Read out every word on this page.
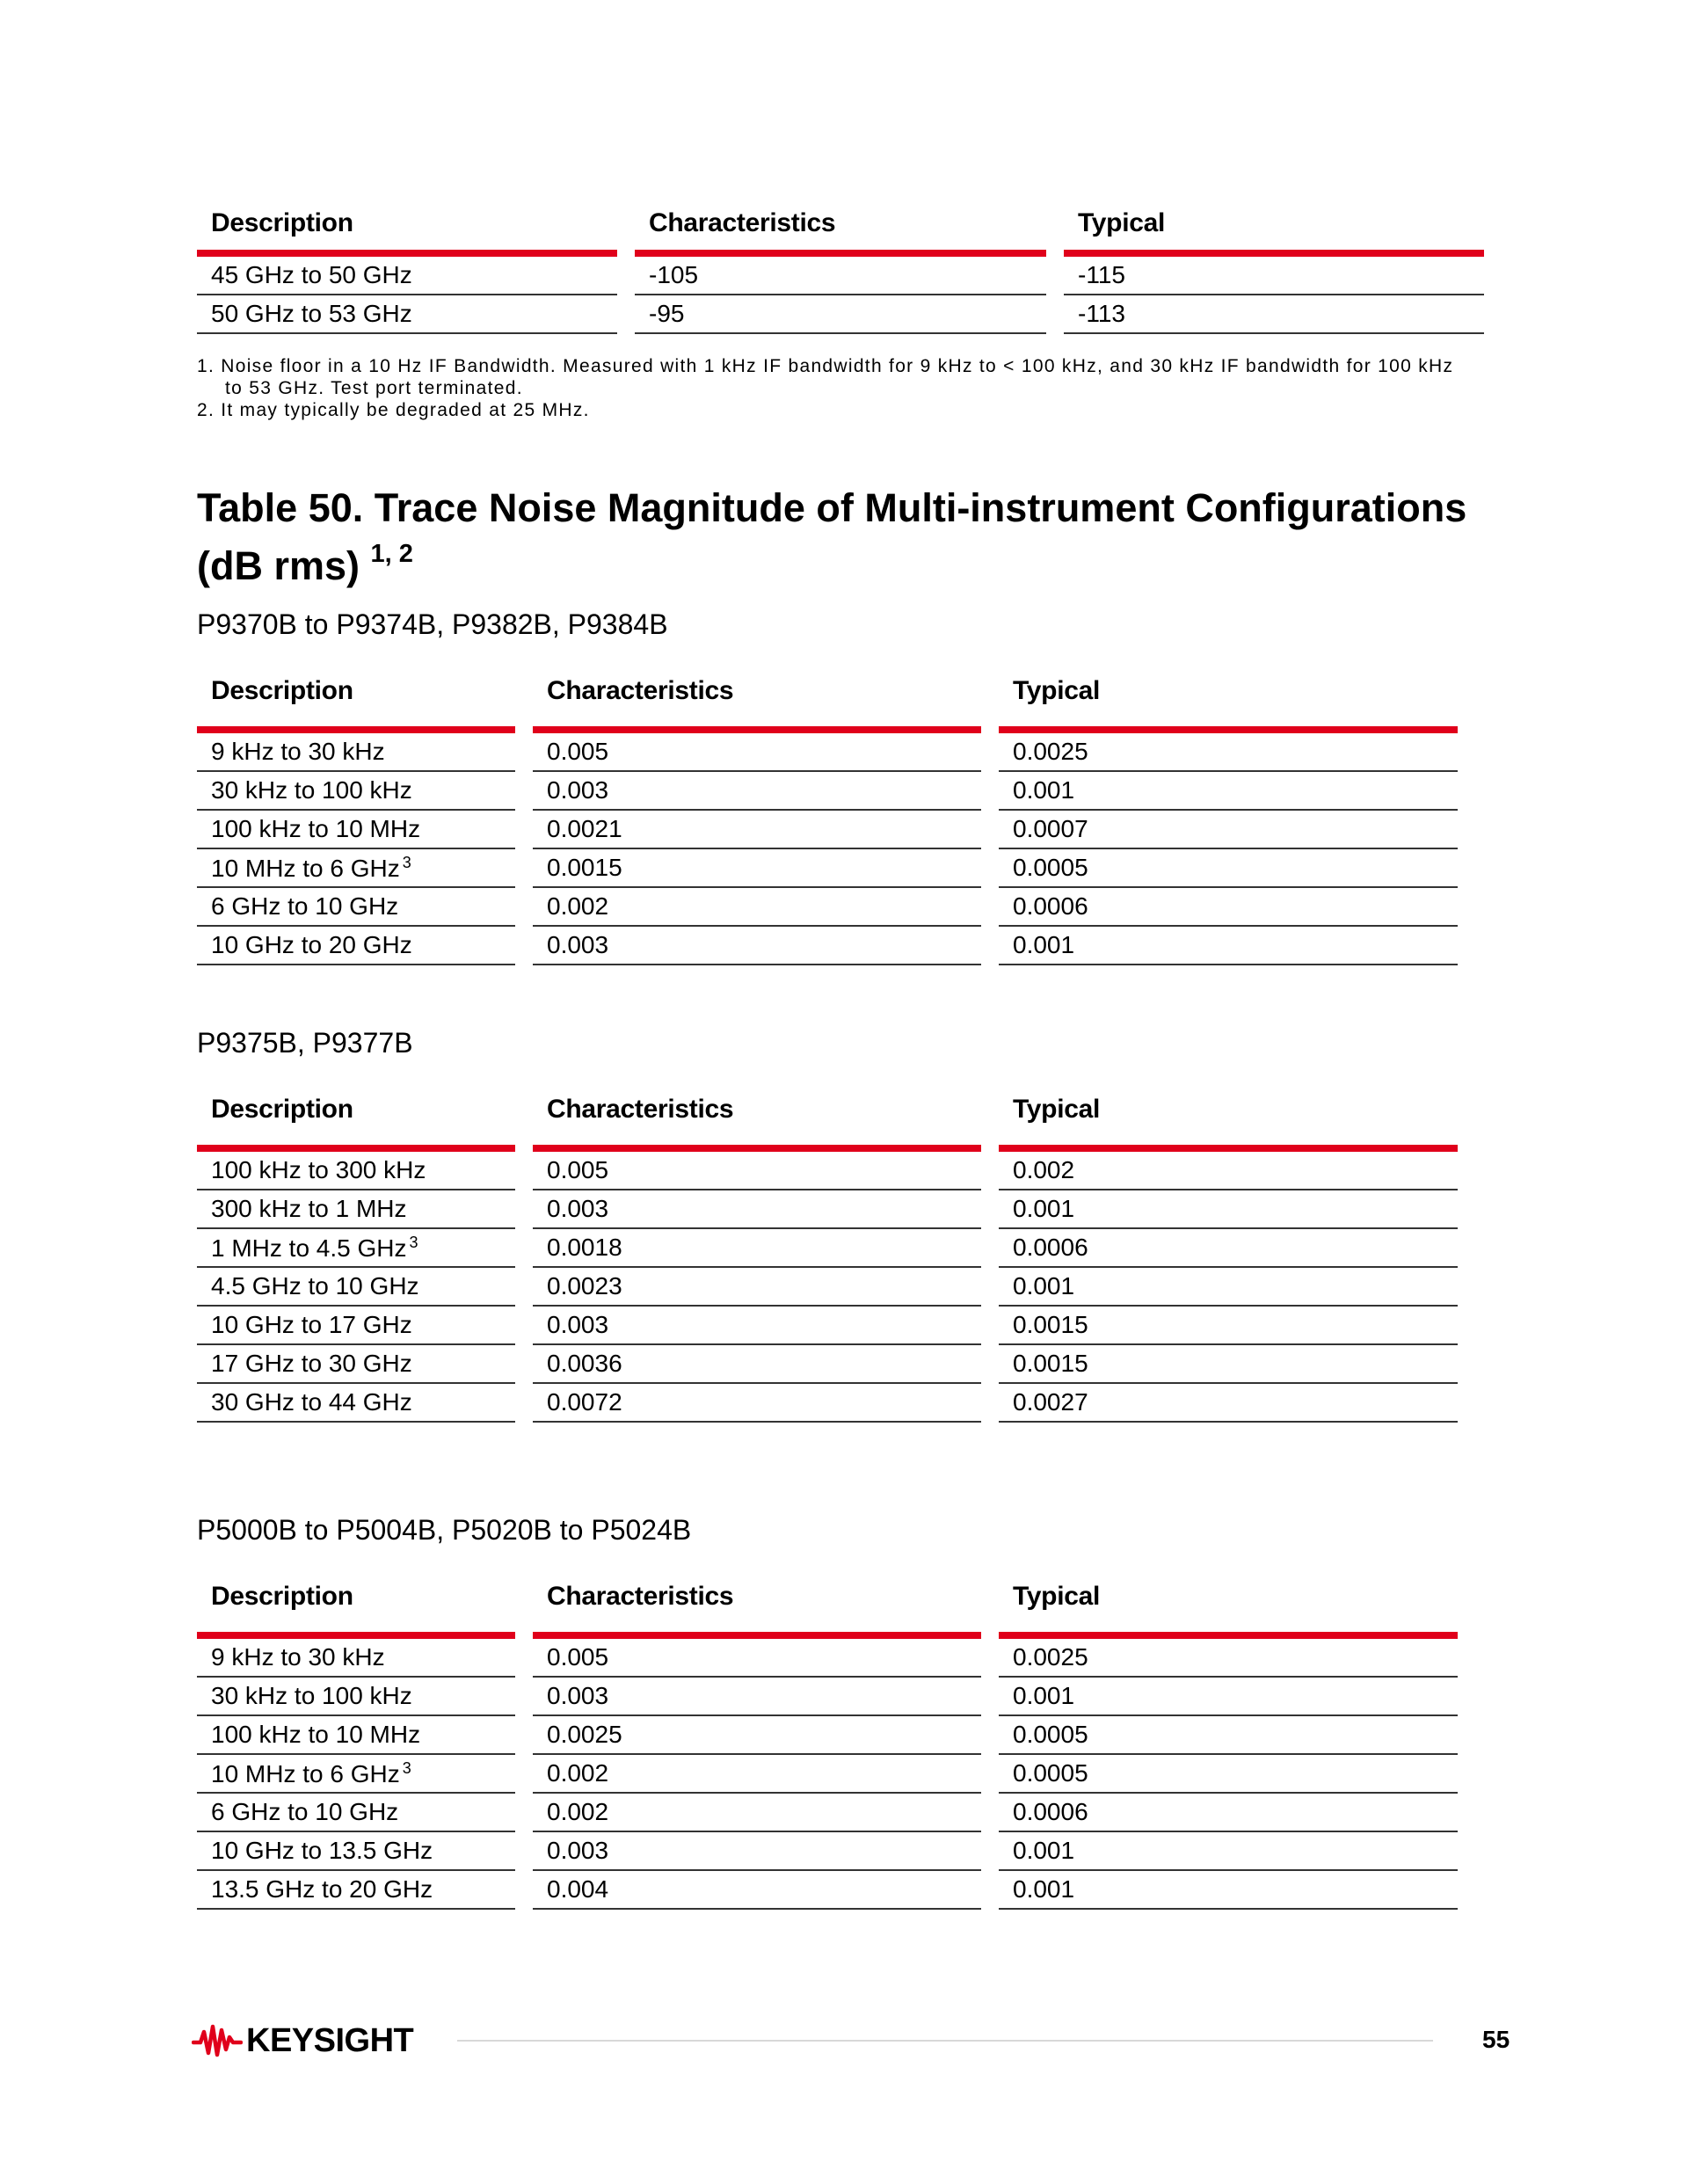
Description		Characteristics		Typical

45 GHz to 50 GHz		-105		-115
50 GHz to 53 GHz		-95		-113
1. Noise floor in a 10 Hz IF Bandwidth. Measured with 1 kHz IF bandwidth for 9 kHz to < 100 kHz, and 30 kHz IF bandwidth for 100 kHz to 53 GHz. Test port terminated.
2. It may typically be degraded at 25 MHz.
Table 50. Trace Noise Magnitude of Multi-instrument Configurations
(dB rms) $^{1, 2}$
P9370B to P9374B, P9382B, P9384B
Description		Characteristics		Typical

9 kHz to 30 kHz		0.005		0.0025
30 kHz to 100 kHz		0.003		0.001
100 kHz to 10 MHz		0.0021		0.0007
10 MHz to 6 GHz $^3$		0.0015		0.0005
6 GHz to 10 GHz		0.002		0.0006
10 GHz to 20 GHz		0.003		0.001
P9375B, P9377B
Description		Characteristics		Typical

100 kHz to 300 kHz		0.005		0.002
300 kHz to 1 MHz		0.003		0.001
1 MHz to 4.5 GHz $^3$		0.0018		0.0006
4.5 GHz to 10 GHz		0.0023		0.001
10 GHz to 17 GHz		0.003		0.0015
17 GHz to 30 GHz		0.0036		0.0015
30 GHz to 44 GHz		0.0072		0.0027
P5000B to P5004B, P5020B to P5024B
Description		Characteristics		Typical

9 kHz to 30 kHz		0.005		0.0025
30 kHz to 100 kHz		0.003		0.001
100 kHz to 10 MHz		0.0025		0.0005
10 MHz to 6 GHz $^3$		0.002		0.0005
6 GHz to 10 GHz		0.002		0.0006
10 GHz to 13.5 GHz		0.003		0.001
13.5 GHz to 20 GHz		0.004		0.001
KEYSIGHT	55
